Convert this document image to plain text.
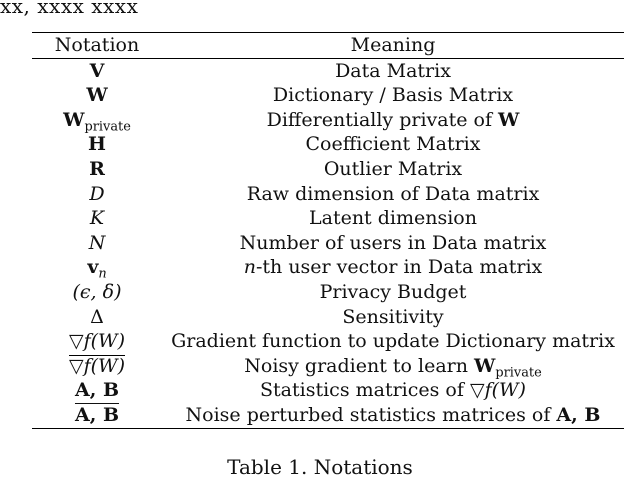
xx, xxxx xxxx
Notation	Meaning
V	Data Matrix
W	Dictionary / Basis Matrix
$W_{private}$	Differentially private of W
H	Coefficient Matrix
R	Outlier Matrix
D	Raw dimension of Data matrix
K	Latent dimension
N	Number of users in Data matrix
$v_n$	n-th user vector in Data matrix
(ϵ, δ)	Privacy Budget
Δ	Sensitivity
▽f(W)	Gradient function to update Dictionary matrix
▽f(W)	Noisy gradient to learn $W_{private}$
A, B	Statistics matrices of ▽f(W)
A, B	Noise perturbed statistics matrices of A, B
Table 1. Notations
